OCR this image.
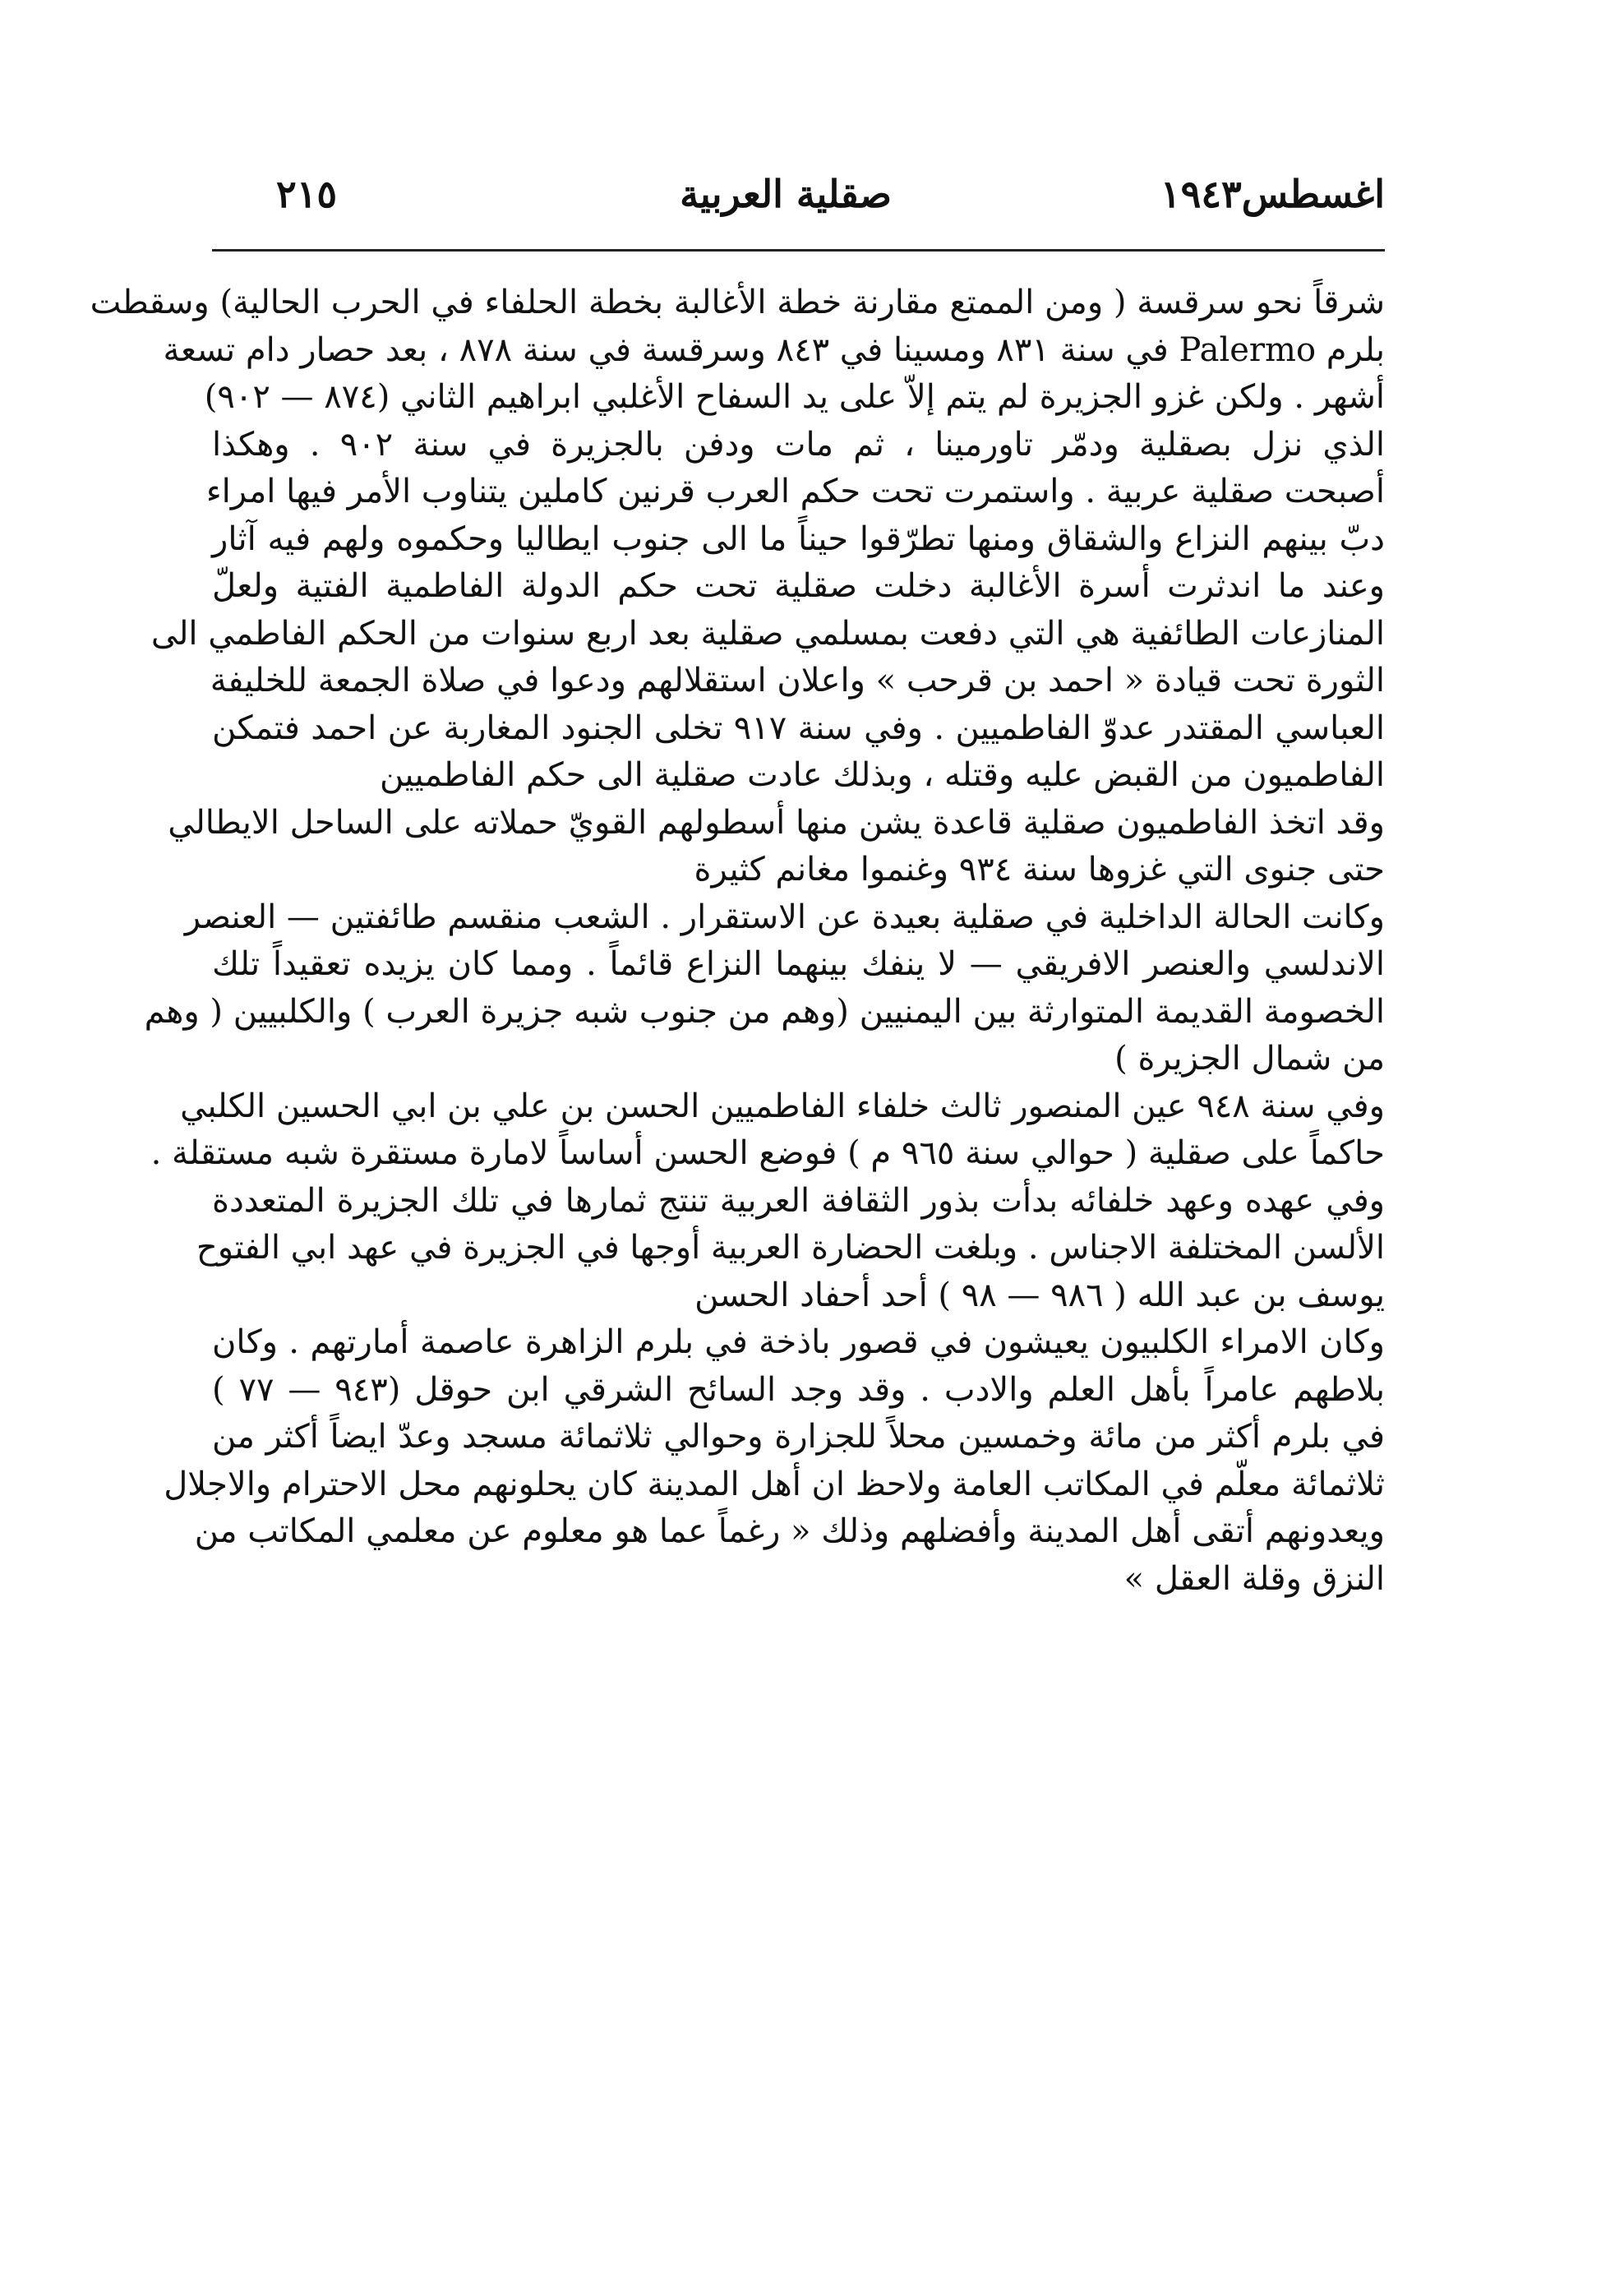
اغسطس١٩٤٣
صقلية العربية
٢١٥
شرقاً نحو سرقسة ( ومن الممتع مقارنة خطة الأغالبة بخطة الحلفاء في الحرب الحالية) وسقطت
بلرم Palermo في سنة ٨٣١ ومسينا في ٨٤٣ وسرقسة في سنة ٨٧٨ ، بعد حصار دام تسعة
أشهر . ولكن غزو الجزيرة لم يتم إلاّ على يد السفاح الأغلبي ابراهيم الثاني (٨٧٤ — ٩٠٢)
الذي نزل بصقلية ودمّر تاورمينا ، ثم مات ودفن بالجزيرة في سنة ٩٠٢ . وهكذا
أصبحت صقلية عربية . واستمرت تحت حكم العرب قرنين كاملين يتناوب الأمر فيها امراء
دبّ بينهم النزاع والشقاق ومنها تطرّقوا حيناً ما الى جنوب ايطاليا وحكموه ولهم فيه آثار
وعند ما اندثرت أسرة الأغالبة دخلت صقلية تحت حكم الدولة الفاطمية الفتية ولعلّ
المنازعات الطائفية هي التي دفعت بمسلمي صقلية بعد اربع سنوات من الحكم الفاطمي الى
الثورة تحت قيادة « احمد بن قرحب » واعلان استقلالهم ودعوا في صلاة الجمعة للخليفة
العباسي المقتدر عدوّ الفاطميين . وفي سنة ٩١٧ تخلى الجنود المغاربة عن احمد فتمكن
الفاطميون من القبض عليه وقتله ، وبذلك عادت صقلية الى حكم الفاطميين
وقد اتخذ الفاطميون صقلية قاعدة يشن منها أسطولهم القويّ حملاته على الساحل الايطالي
حتى جنوى التي غزوها سنة ٩٣٤ وغنموا مغانم كثيرة
وكانت الحالة الداخلية في صقلية بعيدة عن الاستقرار . الشعب منقسم طائفتين — العنصر
الاندلسي والعنصر الافريقي — لا ينفك بينهما النزاع قائماً . ومما كان يزيده تعقيداً تلك
الخصومة القديمة المتوارثة بين اليمنيين (وهم من جنوب شبه جزيرة العرب ) والكلبيين ( وهم
من شمال الجزيرة )
وفي سنة ٩٤٨ عين المنصور ثالث خلفاء الفاطميين الحسن بن علي بن ابي الحسين الكلبي
حاكماً على صقلية ( حوالي سنة ٩٦٥ م ) فوضع الحسن أساساً لامارة مستقرة شبه مستقلة .
وفي عهده وعهد خلفائه بدأت بذور الثقافة العربية تنتج ثمارها في تلك الجزيرة المتعددة
الألسن المختلفة الاجناس . وبلغت الحضارة العربية أوجها في الجزيرة في عهد ابي الفتوح
يوسف بن عبد الله ( ٩٨٦ — ٩٨ ) أحد أحفاد الحسن
وكان الامراء الكلبيون يعيشون في قصور باذخة في بلرم الزاهرة عاصمة أمارتهم . وكان
بلاطهم عامراً بأهل العلم والادب . وقد وجد السائح الشرقي ابن حوقل (٩٤٣ — ٧٧ )
في بلرم أكثر من مائة وخمسين محلاً للجزارة وحوالي ثلاثمائة مسجد وعدّ ايضاً أكثر من
ثلاثمائة معلّم في المكاتب العامة ولاحظ ان أهل المدينة كان يحلونهم محل الاحترام والاجلال
ويعدونهم أتقى أهل المدينة وأفضلهم وذلك « رغماً عما هو معلوم عن معلمي المكاتب من
النزق وقلة العقل »
